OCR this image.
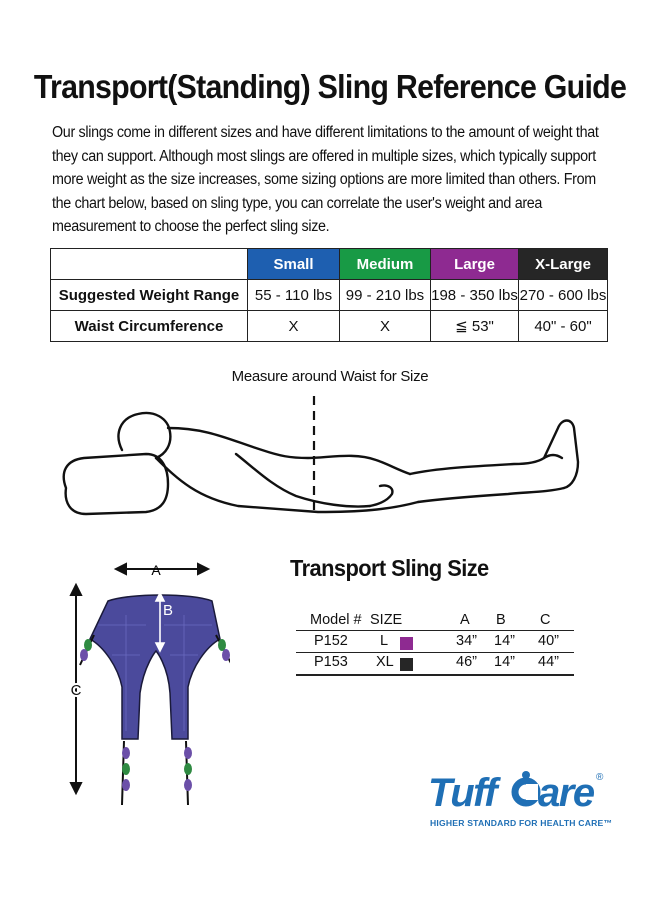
Transport(Standing) Sling Reference Guide
Our slings come in different sizes and have different limitations to the amount of weight that they can support. Although most slings are offered in multiple sizes, which typically support more weight as the size increases, some sizing options are more limited than others. From the chart below, based on sling type, you can correlate the user's weight and area measurement to choose the perfect sling size.
	Small	Medium	Large	X-Large
Suggested Weight Range	55 - 110 lbs	99 - 210 lbs	198 - 350 lbs	270 - 600 lbs
Waist Circumference	X	X	≦ 53"	40" - 60"
Measure around Waist for Size
A
B
C
Transport Sling Size
Model # SIZE	A B C
P152 L	34” 14” 40”
P153 XL	46” 14” 44”
Tuff are ®
HIGHER STANDARD FOR HEALTH CARE™
